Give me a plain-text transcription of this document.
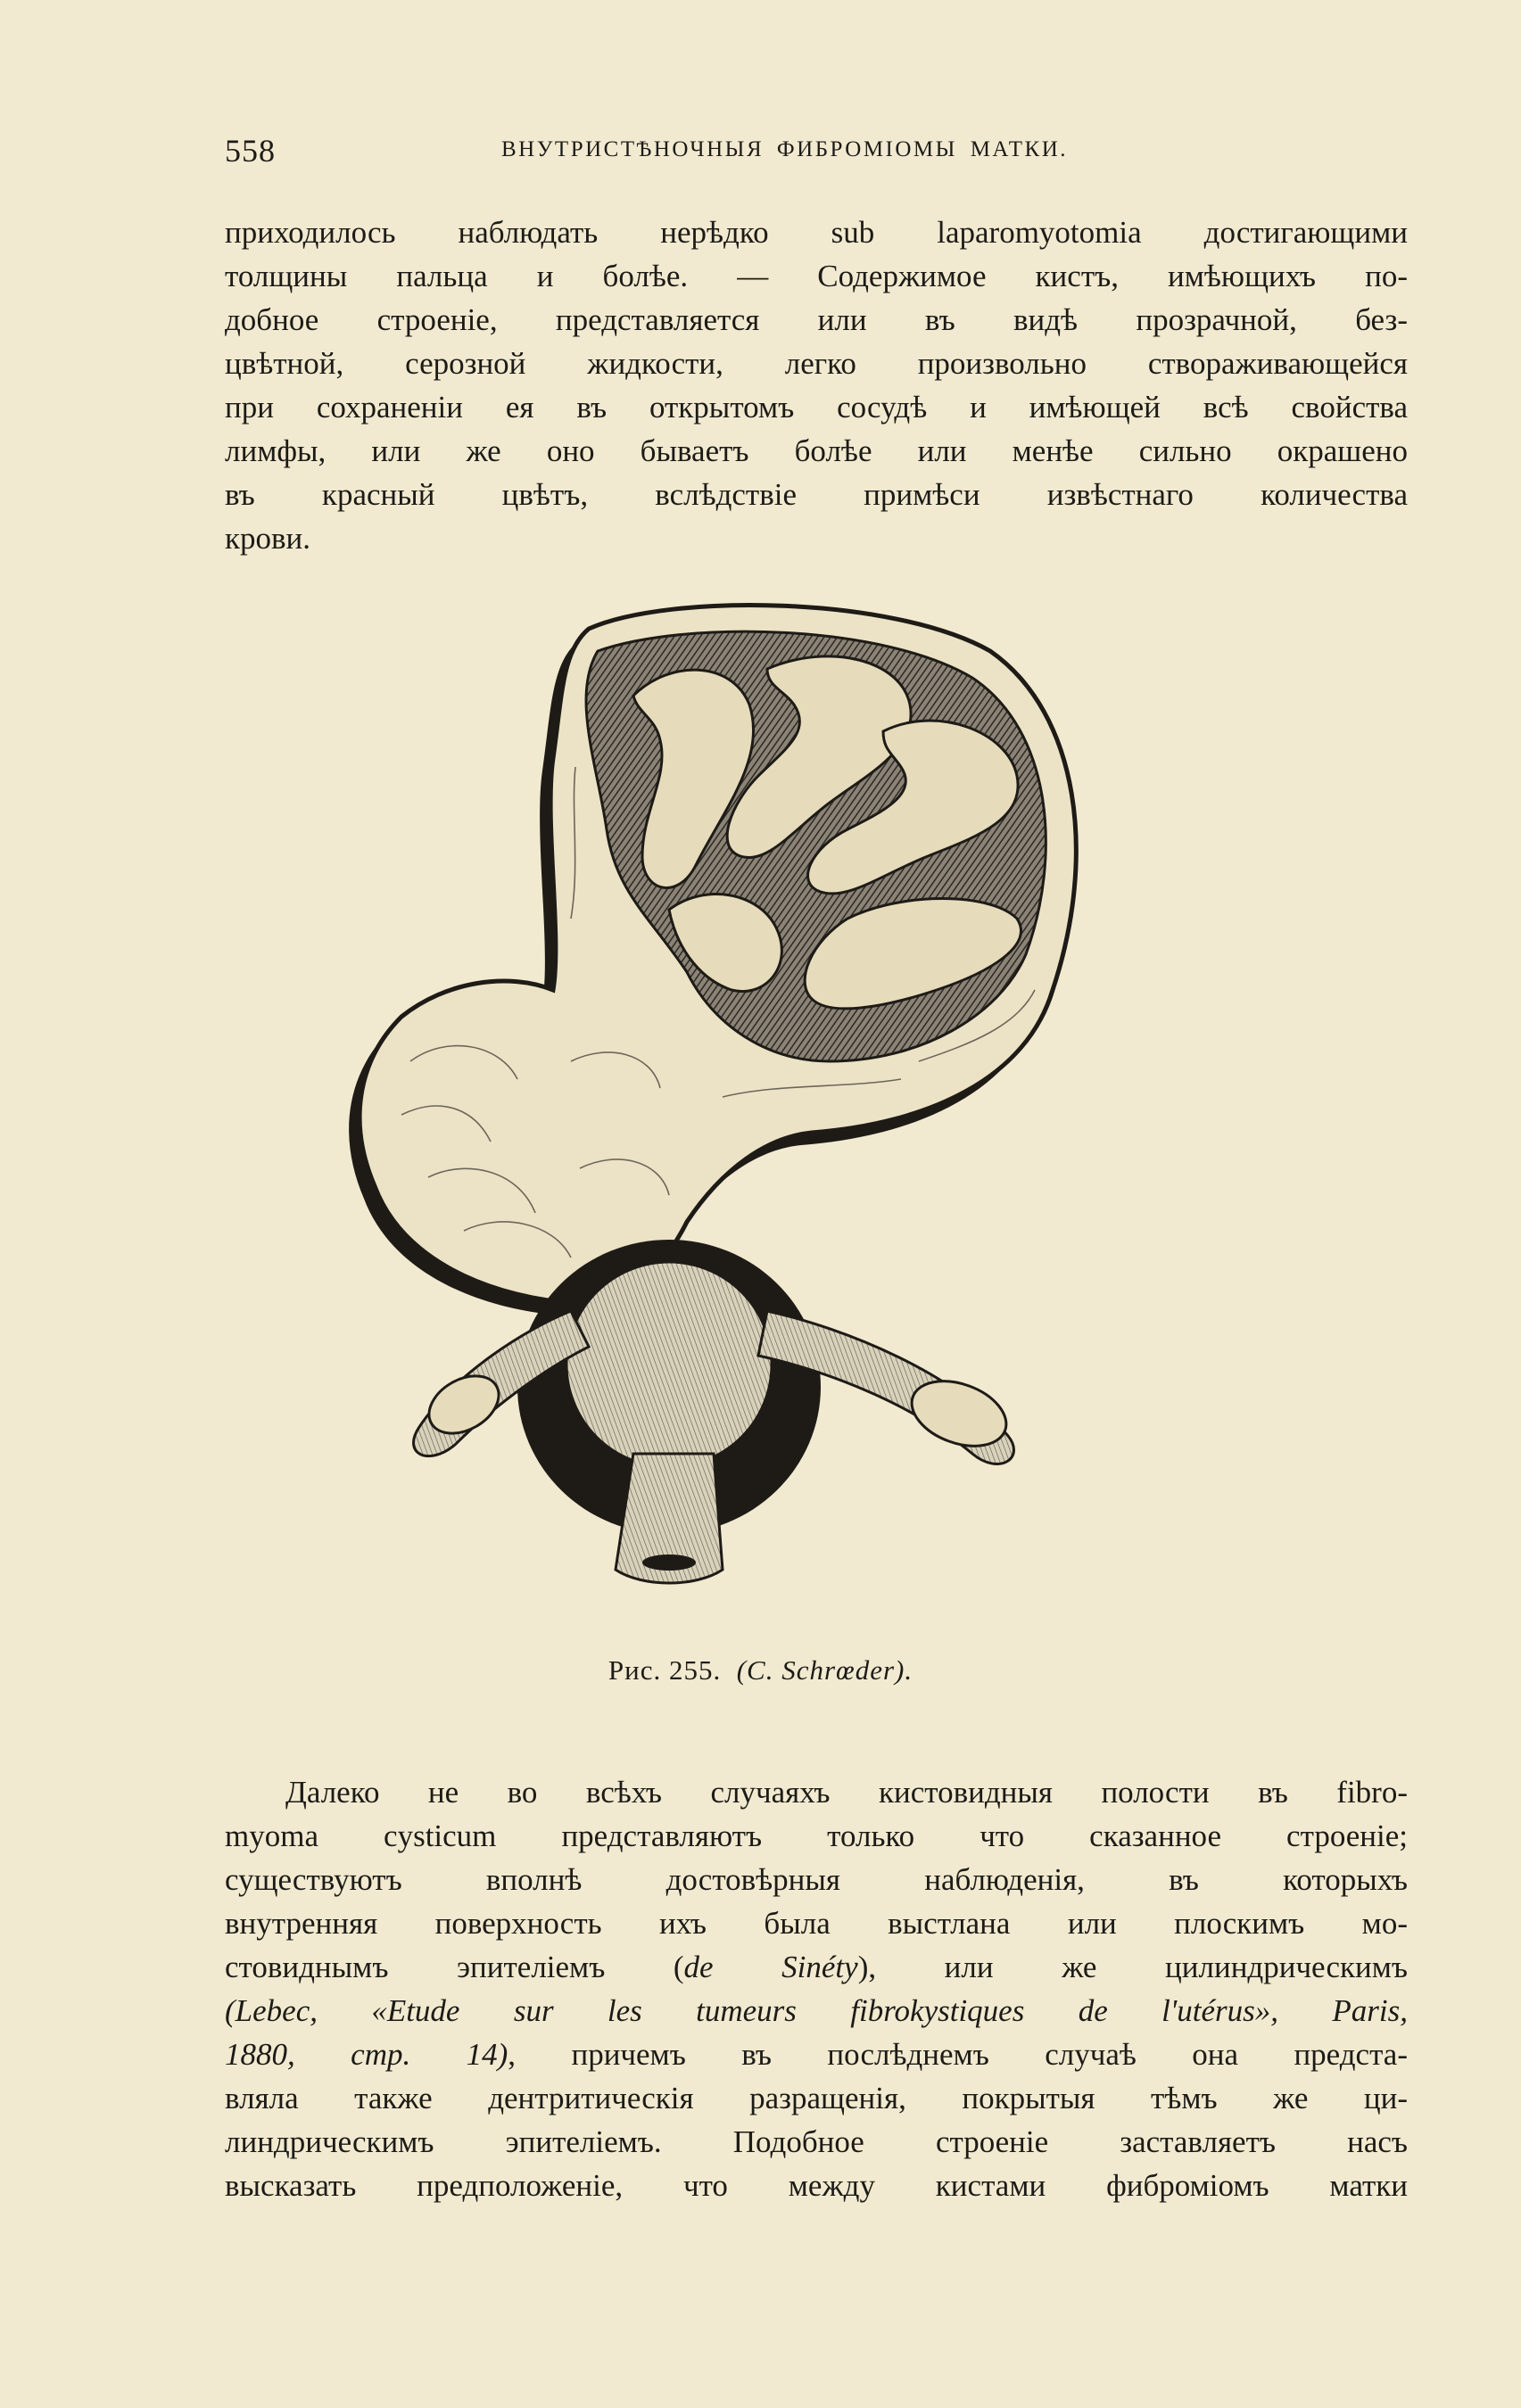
558	ВНУТРИСТѢНОЧНЫЯ ФИБРОМІОМЫ МАТКИ.
приходилось наблюдать нерѣдко sub laparomyotomia достигающими
толщины пальца и болѣе. — Содержимое кистъ, имѣющихъ по-
добное строеніе, представляется или въ видѣ прозрачной, без-
цвѣтной, серозной жидкости, легко произвольно створаживающейся
при сохраненіи ея въ открытомъ сосудѣ и имѣющей всѣ свойства
лимфы, или же оно бываетъ болѣе или менѣе сильно окрашено
въ красный цвѣтъ, вслѣдствіе примѣси извѣстнаго количества
крови.
Рис. 255. (C. Schrœder).
Далеко не во всѣхъ случаяхъ кистовидныя полости въ fibro-
myoma cysticum представляютъ только что сказанное строеніе;
существуютъ вполнѣ достовѣрныя наблюденія, въ которыхъ
внутренняя поверхность ихъ была выстлана или плоскимъ мо-
стовиднымъ эпителіемъ (de Sinéty), или же цилиндрическимъ
(Lebec, «Etude sur les tumeurs fibrokystiques de l'utérus», Paris,
1880, стр. 14), причемъ въ послѣднемъ случаѣ она предста-
вляла также дентритическія разращенія, покрытыя тѣмъ же ци-
линдрическимъ эпителіемъ. Подобное строеніе заставляетъ насъ
высказать предположеніе, что между кистами фиброміомъ матки
